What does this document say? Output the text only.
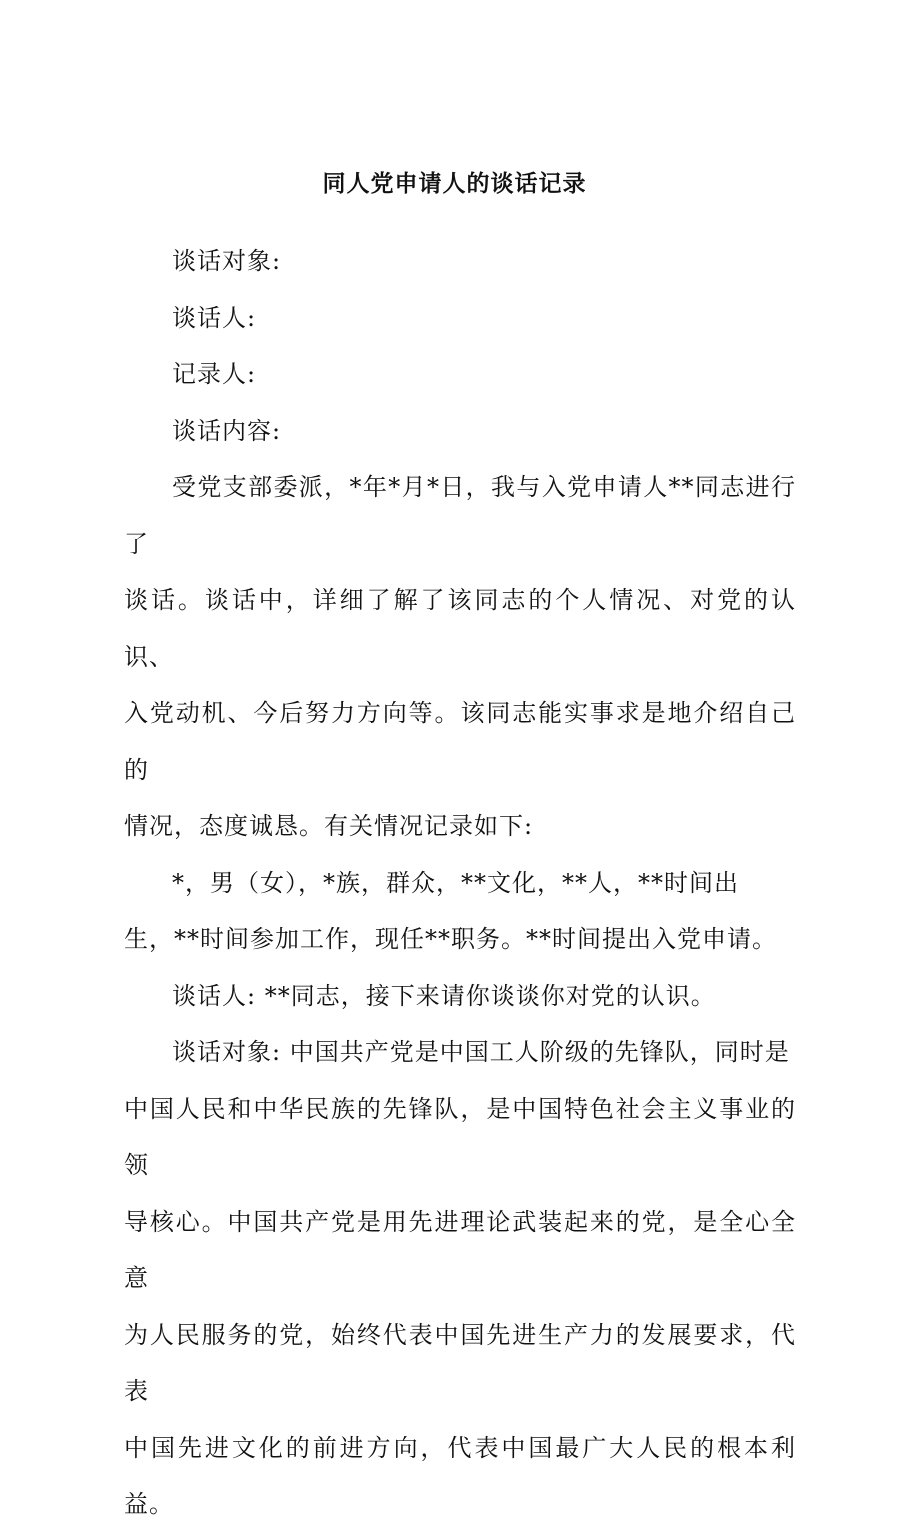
同人党申请人的谈话记录

谈话对象:

谈话人:

记录人:

谈话内容:

受党支部委派，*年*月*日，我与入党申请人**同志进行了
谈话。谈话中，详细了解了该同志的个人情况、对党的认识、
入党动机、今后努力方向等。该同志能实事求是地介绍自己的
情况，态度诚恳。有关情况记录如下:

*，男（女），*族，群众，**文化，**人，**时间出
生，**时间参加工作，现任**职务。**时间提出入党申请。

谈话人: **同志，接下来请你谈谈你对党的认识。

谈话对象: 中国共产党是中国工人阶级的先锋队，同时是
中国人民和中华民族的先锋队，是中国特色社会主义事业的领
导核心。中国共产党是用先进理论武装起来的党，是全心全意
为人民服务的党，始终代表中国先进生产力的发展要求，代表
中国先进文化的前进方向，代表中国最广大人民的根本利益。
